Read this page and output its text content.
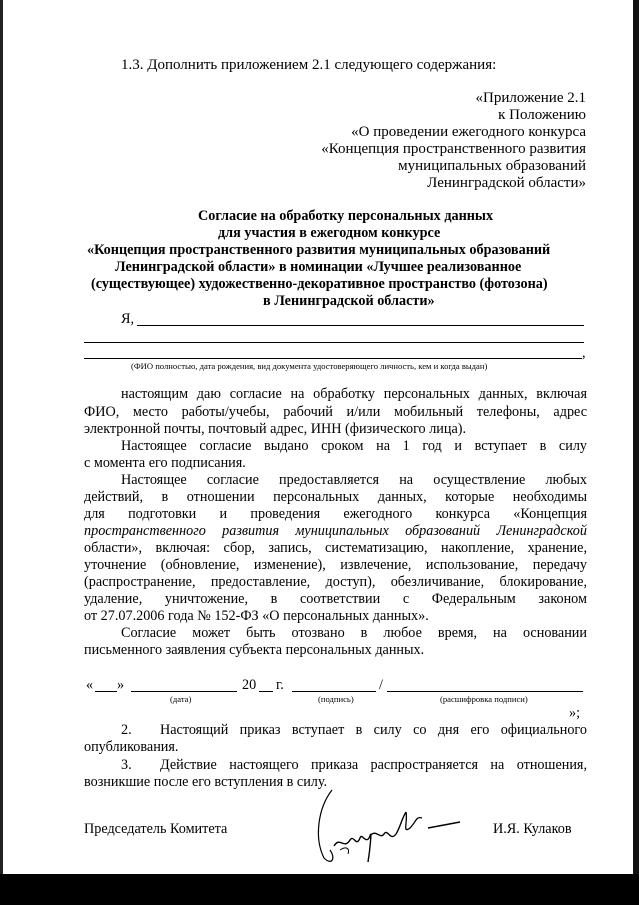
1.3. Дополнить приложением 2.1 следующего содержания:
«Приложение 2.1
к Положению
«О проведении ежегодного конкурса
«Концепция пространственного развития
муниципальных образований
Ленинградской области»
Согласие на обработку персональных данных
для участия в ежегодном конкурсе
«Концепция пространственного развития муниципальных образований
Ленинградской области» в номинации «Лучшее реализованное
(существующее) художественно-декоративное пространство (фотозона)
в Ленинградской области»
Я,
,
(ФИО полностью, дата рождения, вид документа удостоверяющего личность, кем и когда выдан)
настоящим даю согласие на обработку персональных данных, включая
ФИО, место работы/учебы, рабочий и/или мобильный телефоны, адрес
электронной почты, почтовый адрес, ИНН (физического лица).
Настоящее согласие выдано сроком на 1 год и вступает в силу
с момента его подписания.
Настоящее согласие предоставляется на осуществление любых
действий, в отношении персональных данных, которые необходимы
для подготовки и проведения ежегодного конкурса «Концепция
пространственного развития муниципальных образований Ленинградской
области», включая: сбор, запись, систематизацию, накопление, хранение,
уточнение (обновление, изменение), извлечение, использование, передачу
(распространение, предоставление, доступ), обезличивание, блокирование,
удаление, уничтожение, в соответствии с Федеральным законом
от 27.07.2006 года № 152-ФЗ «О персональных данных».
Согласие может быть отозвано в любое время, на основании
письменного заявления субъекта персональных данных.
« »	20 г.	/
(дата)	(подпись)	(расшифровка подписи)
»;
2. Настоящий приказ вступает в силу со дня его официального
опубликования.
3. Действие настоящего приказа распространяется на отношения,
возникшие после его вступления в силу.
Председатель Комитета	И.Я. Кулаков
